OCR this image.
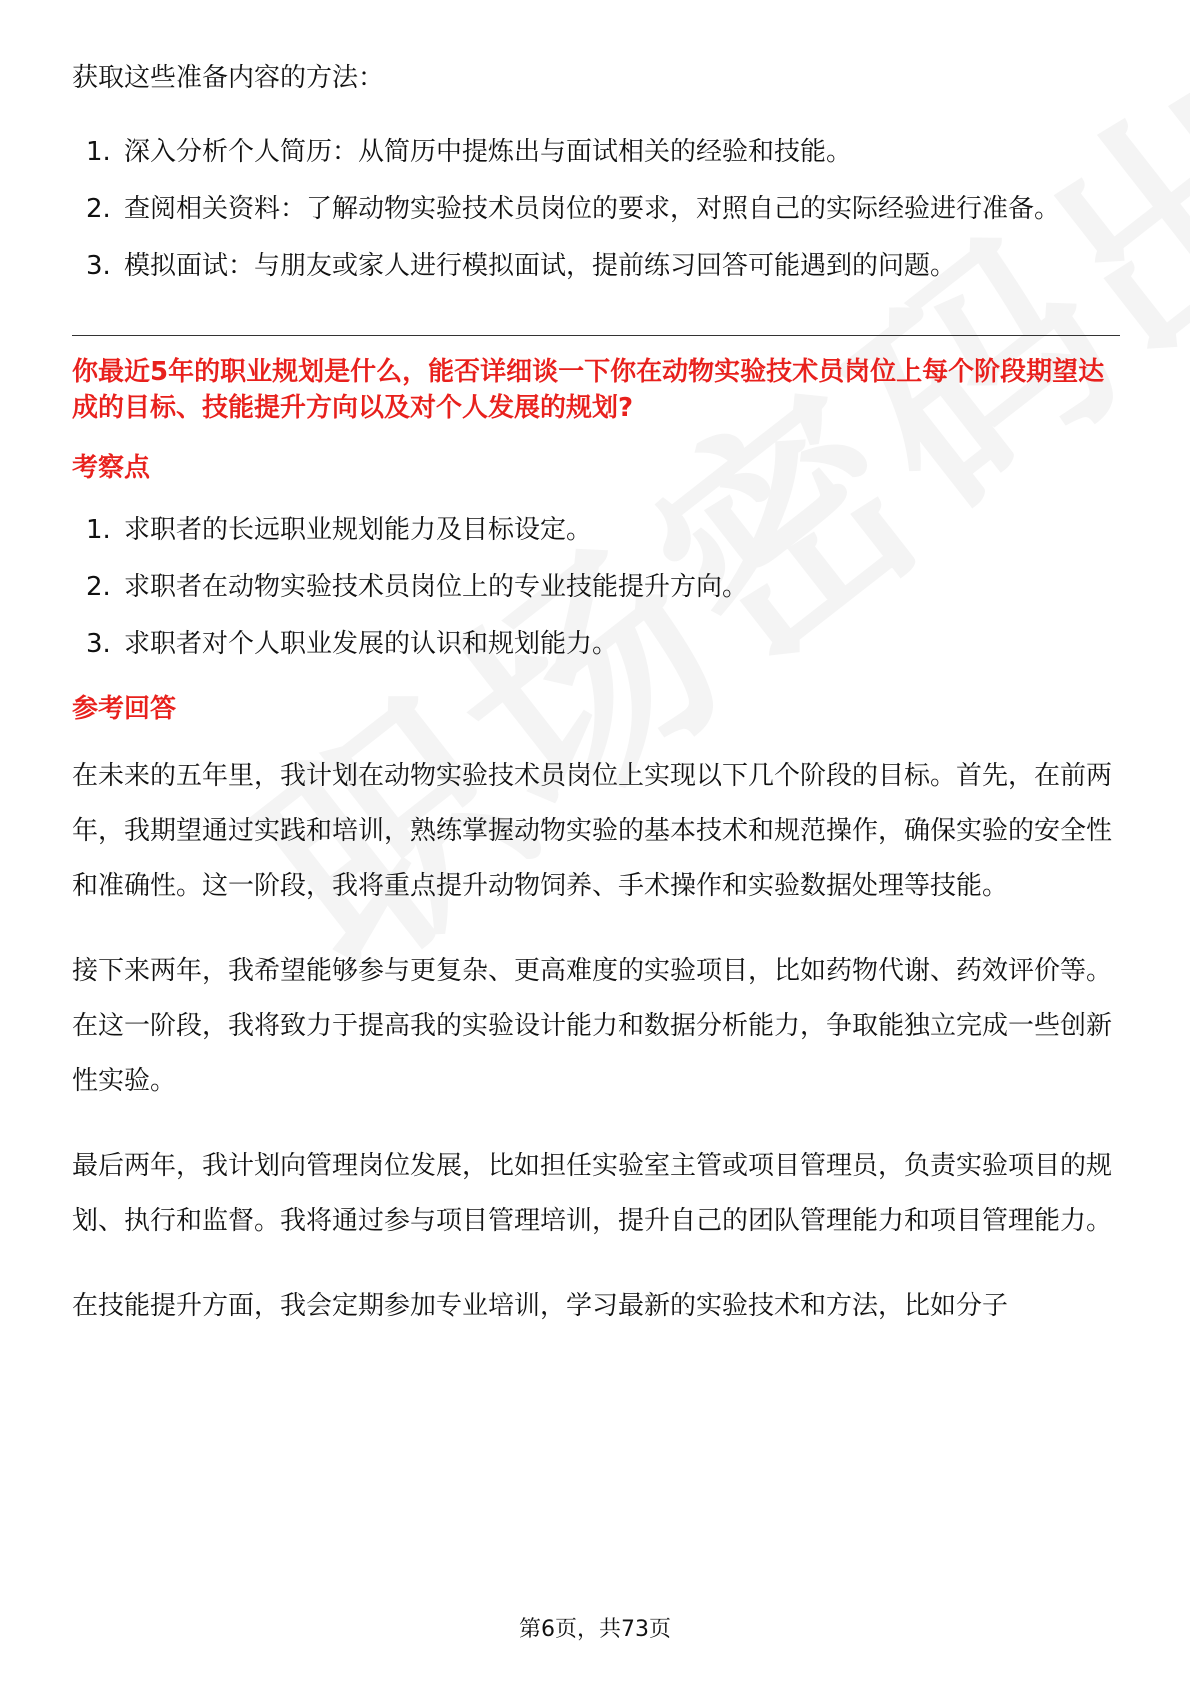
获取这些准备内容的方法：

1. 深入分析个人简历：从简历中提炼出与面试相关的经验和技能。
2. 查阅相关资料：了解动物实验技术员岗位的要求，对照自己的实际经验进行准备。
3. 模拟面试：与朋友或家人进行模拟面试，提前练习回答可能遇到的问题。

你最近5年的职业规划是什么，能否详细谈一下你在动物实验技术员岗位上每个阶段期望达成的目标、技能提升方向以及对个人发展的规划?

考察点
1. 求职者的长远职业规划能力及目标设定。
2. 求职者在动物实验技术员岗位上的专业技能提升方向。
3. 求职者对个人职业发展的认识和规划能力。
参考回答

在未来的五年里，我计划在动物实验技术员岗位上实现以下几个阶段的目标。首先，在前两年，我期望通过实践和培训，熟练掌握动物实验的基本技术和规范操作，确保实验的安全性和准确性。这一阶段，我将重点提升动物饲养、手术操作和实验数据处理等技能。

接下来两年，我希望能够参与更复杂、更高难度的实验项目，比如药物代谢、药效评价等。在这一阶段，我将致力于提高我的实验设计能力和数据分析能力，争取能独立完成一些创新性实验。

最后两年，我计划向管理岗位发展，比如担任实验室主管或项目管理员，负责实验项目的规划、执行和监督。我将通过参与项目管理培训，提升自己的团队管理能力和项目管理能力。

在技能提升方面，我会定期参加专业培训，学习最新的实验技术和方法，比如分子

第6页，共73页
